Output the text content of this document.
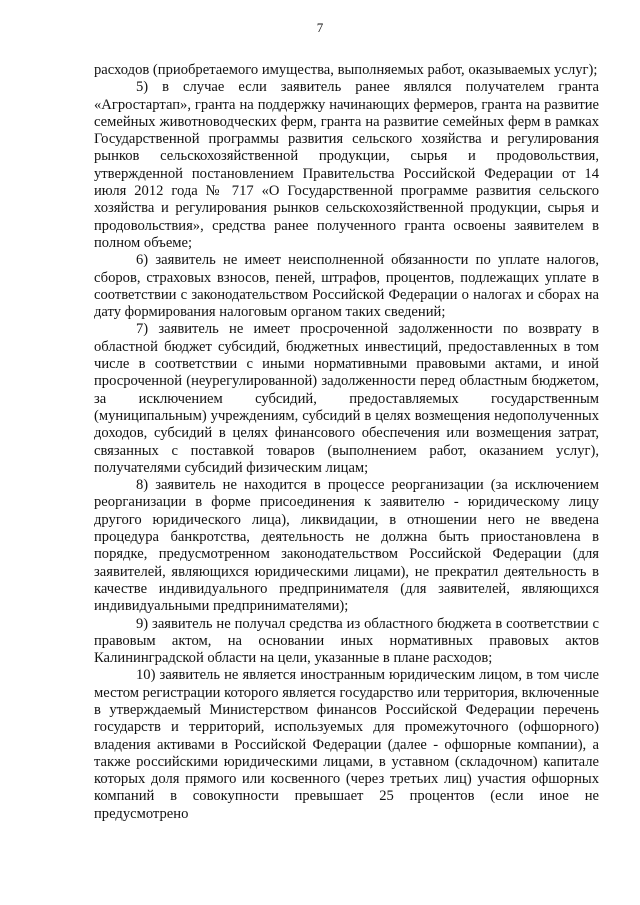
7

расходов (приобретаемого имущества, выполняемых работ, оказываемых услуг);

5) в случае если заявитель ранее являлся получателем гранта «Агростартап», гранта на поддержку начинающих фермеров, гранта на развитие семейных животноводческих ферм, гранта на развитие семейных ферм в рамках Государственной программы развития сельского хозяйства и регулирования рынков сельскохозяйственной продукции, сырья и продовольствия, утвержденной постановлением Правительства Российской Федерации от 14 июля 2012 года № 717 «О Государственной программе развития сельского хозяйства и регулирования рынков сельскохозяйственной продукции, сырья и продовольствия», средства ранее полученного гранта освоены заявителем в полном объеме;

6) заявитель не имеет неисполненной обязанности по уплате налогов, сборов, страховых взносов, пеней, штрафов, процентов, подлежащих уплате в соответствии с законодательством Российской Федерации о налогах и сборах на дату формирования налоговым органом таких сведений;

7) заявитель не имеет просроченной задолженности по возврату в областной бюджет субсидий, бюджетных инвестиций, предоставленных в том числе в соответствии с иными нормативными правовыми актами, и иной просроченной (неурегулированной) задолженности перед областным бюджетом, за исключением субсидий, предоставляемых государственным (муниципальным) учреждениям, субсидий в целях возмещения недополученных доходов, субсидий в целях финансового обеспечения или возмещения затрат, связанных с поставкой товаров (выполнением работ, оказанием услуг), получателями субсидий физическим лицам;

8) заявитель не находится в процессе реорганизации (за исключением реорганизации в форме присоединения к заявителю - юридическому лицу другого юридического лица), ликвидации, в отношении него не введена процедура банкротства, деятельность не должна быть приостановлена в порядке, предусмотренном законодательством Российской Федерации (для заявителей, являющихся юридическими лицами), не прекратил деятельность в качестве индивидуального предпринимателя (для заявителей, являющихся индивидуальными предпринимателями);

9) заявитель не получал средства из областного бюджета в соответствии с правовым актом, на основании иных нормативных правовых актов Калининградской области на цели, указанные в плане расходов;

10) заявитель не является иностранным юридическим лицом, в том числе местом регистрации которого является государство или территория, включенные в утверждаемый Министерством финансов Российской Федерации перечень государств и территорий, используемых для промежуточного (офшорного) владения активами в Российской Федерации (далее - офшорные компании), а также российскими юридическими лицами, в уставном (складочном) капитале которых доля прямого или косвенного (через третьих лиц) участия офшорных компаний в совокупности превышает 25 процентов (если иное не предусмотрено
